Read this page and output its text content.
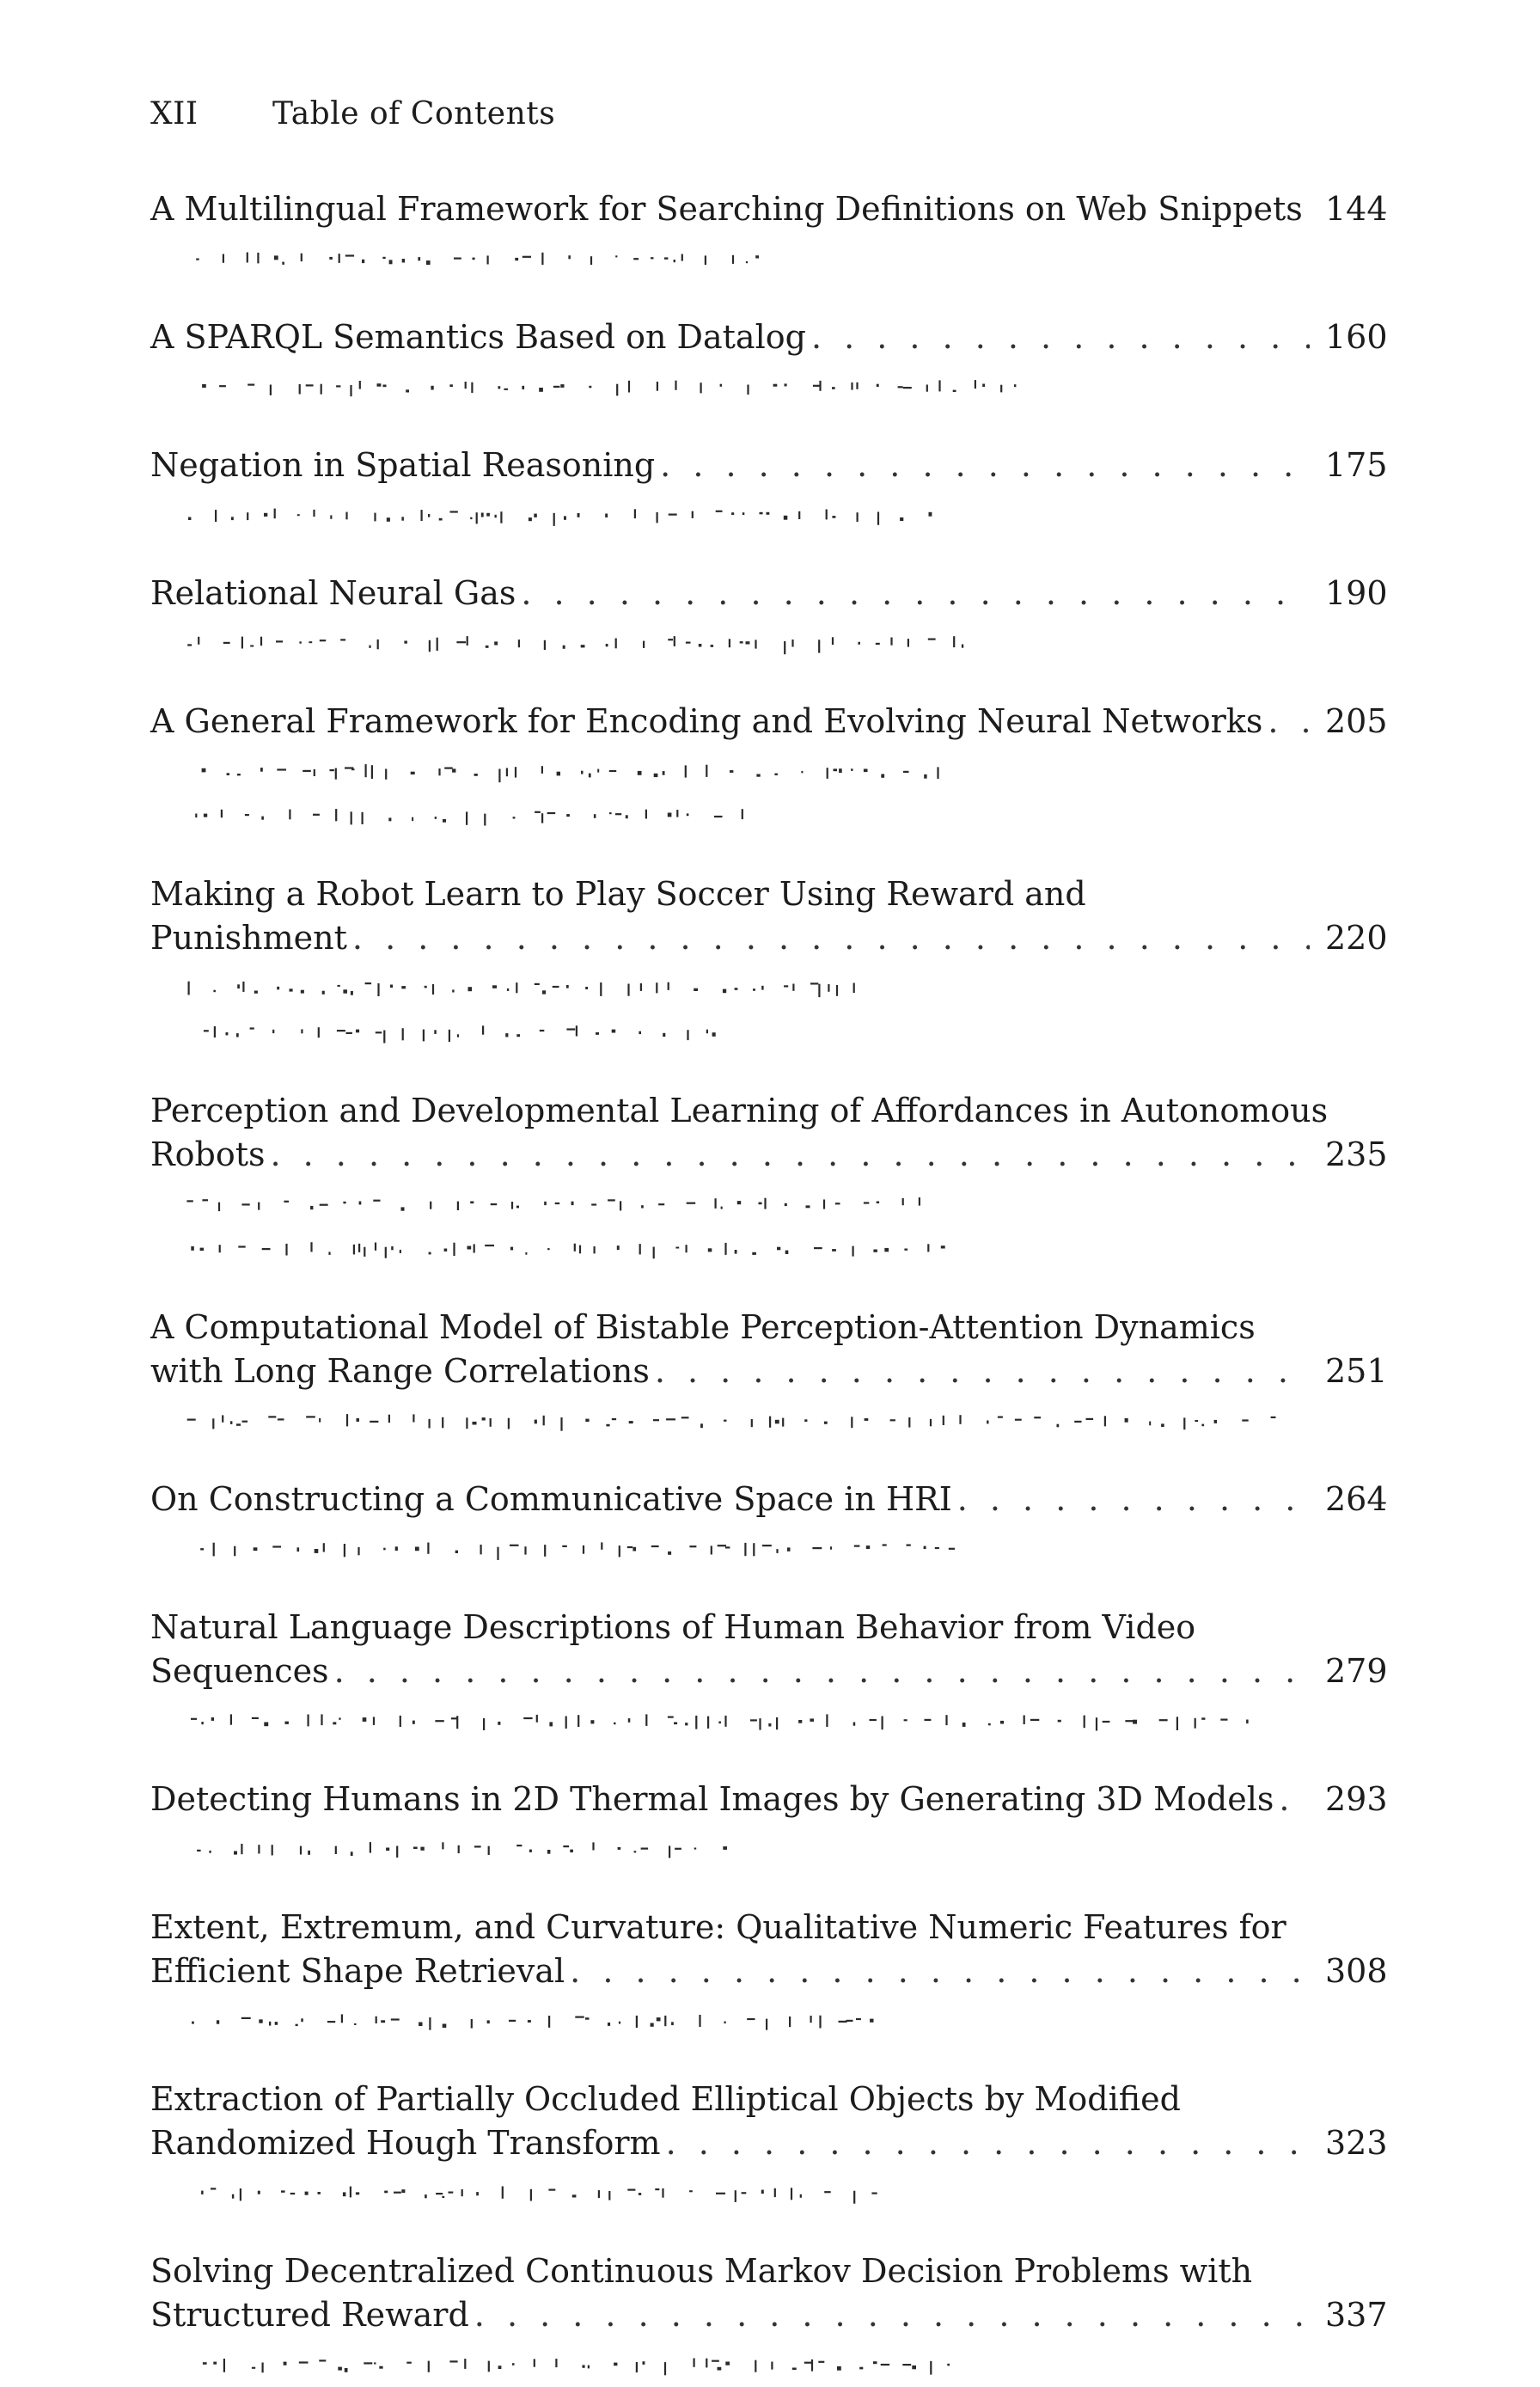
XII Table of Contents
A Multilingual Framework for Searching Definitions on Web Snippets . . . 144
A SPARQL Semantics Based on Datalog . . .	160
Negation in Spatial Reasoning . . .	175
Relational Neural Gas . . .	190
A General Framework for Encoding and Evolving Neural Networks . . . 205
Making a Robot Learn to Play Soccer Using Reward and
Punishment . . .	220
Perception and Developmental Learning of Affordances in Autonomous
Robots . . .	235
A Computational Model of Bistable Perception-Attention Dynamics
with Long Range Correlations . . .	251
On Constructing a Communicative Space in HRI . . .	264
Natural Language Descriptions of Human Behavior from Video
Sequences . . .	279
Detecting Humans in 2D Thermal Images by Generating 3D Models . . . 293
Extent, Extremum, and Curvature: Qualitative Numeric Features for
Efficient Shape Retrieval . . .	308
Extraction of Partially Occluded Elliptical Objects by Modified
Randomized Hough Transform . . .	323
Solving Decentralized Continuous Markov Decision Problems with
Structured Reward . . .	337
